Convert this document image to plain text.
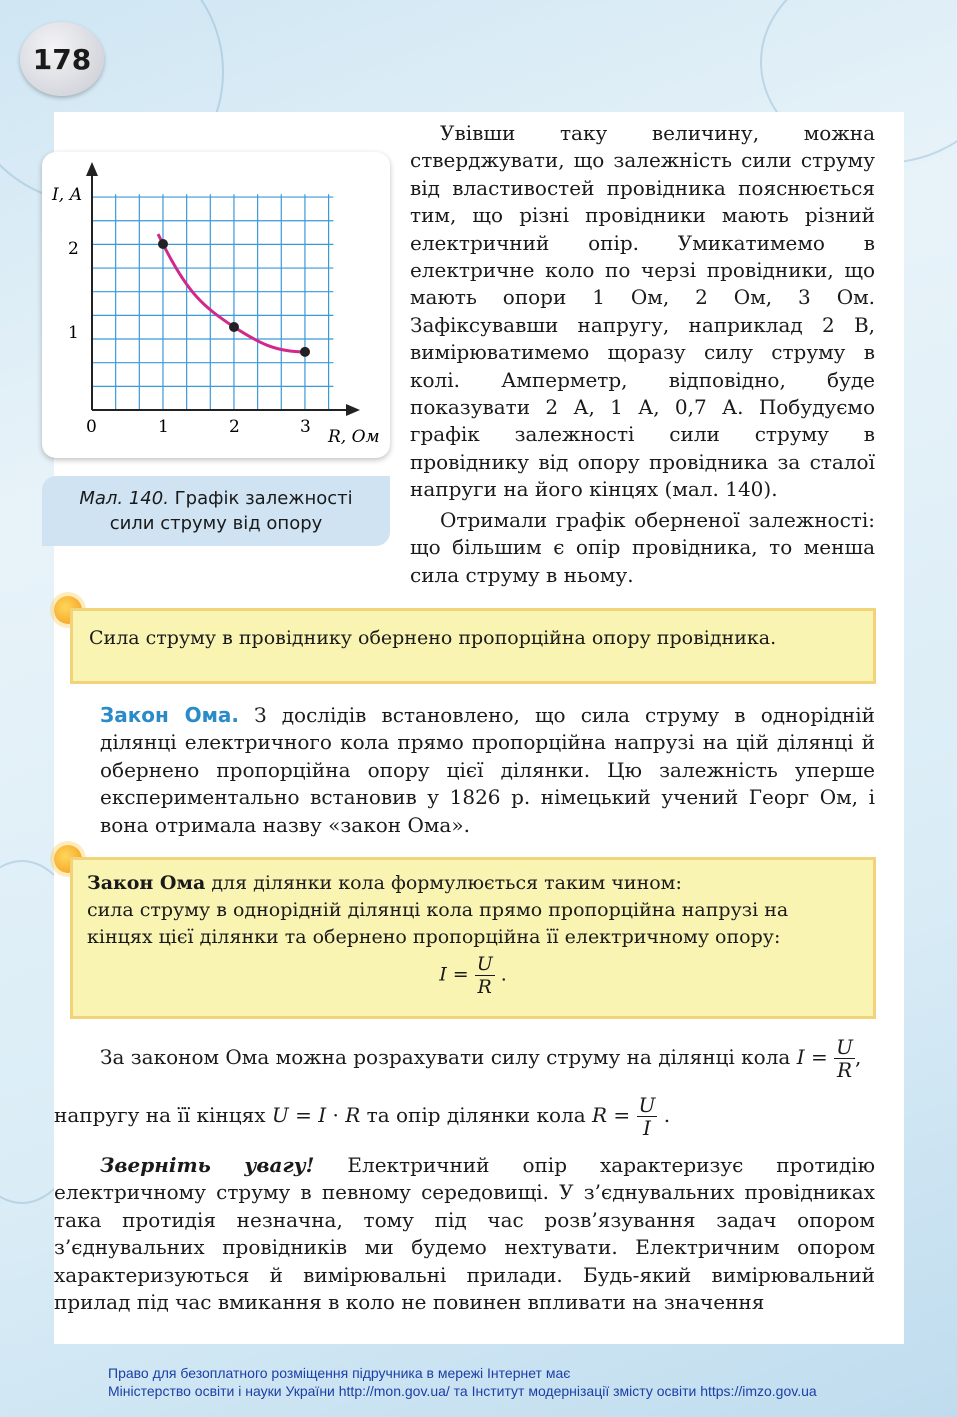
178
I, А
R, Ом
2
1
0	1	2	3
Мал. 140. Графік залежності
сили струму від опору

Увівши таку величину, можна стверджувати, що залежність сили струму від властивостей провідника пояснюється тим, що різні провідники мають різний електричний опір. Умикатимемо в електричне коло по черзі провідники, що мають опори 1 Ом, 2 Ом, 3 Ом. Зафіксувавши напругу, наприклад 2 В, вимірюватимемо щоразу силу струму в колі. Амперметр, відповідно, буде показувати 2 А, 1 А, 0,7 А. Побудуємо графік залежності сили струму в провіднику від опору провідника за сталої напруги на його кінцях (мал. 140).

Отримали графік оберненої залежності: що більшим є опір провідника, то менша сила струму в ньому.

Сила струму в провіднику обернено пропорційна опору провідника.

Закон Ома. З дослідів встановлено, що сила струму в однорідній ділянці електричного кола прямо пропорційна напрузі на цій ділянці й обернено пропорційна опору цієї ділянки. Цю залежність уперше експериментально встановив у 1826 р. німецький учений Георг Ом, і вона отримала назву «закон Ома».

Закон Ома для ділянки кола формулюється таким чином:
сила струму в однорідній ділянці кола прямо пропорційна напрузі на кінцях цієї ділянки та обернено пропорційна її електричному опору:
$I = \frac{U}{R}$ .
За законом Ома можна розрахувати силу струму на ділянці кола $I = \frac{U}{R}$ ,
напругу на її кінцях U = I · R та опір ділянки кола $R = \frac{U}{I}$ .

Зверніть увагу! Електричний опір характеризує протидію електричному струму в певному середовищі. У з’єднувальних провідниках така протидія незначна, тому під час розв’язування задач опором з’єднувальних провідників ми будемо нехтувати. Електричним опором характеризуються й вимірювальні прилади. Будь-який вимірювальний прилад під час вмикання в коло не повинен впливати на значення

Право для безоплатного розміщення підручника в мережі Інтернет має
Міністерство освіти і науки України http://mon.gov.ua/ та Інститут модернізації змісту освіти https://imzo.gov.ua
